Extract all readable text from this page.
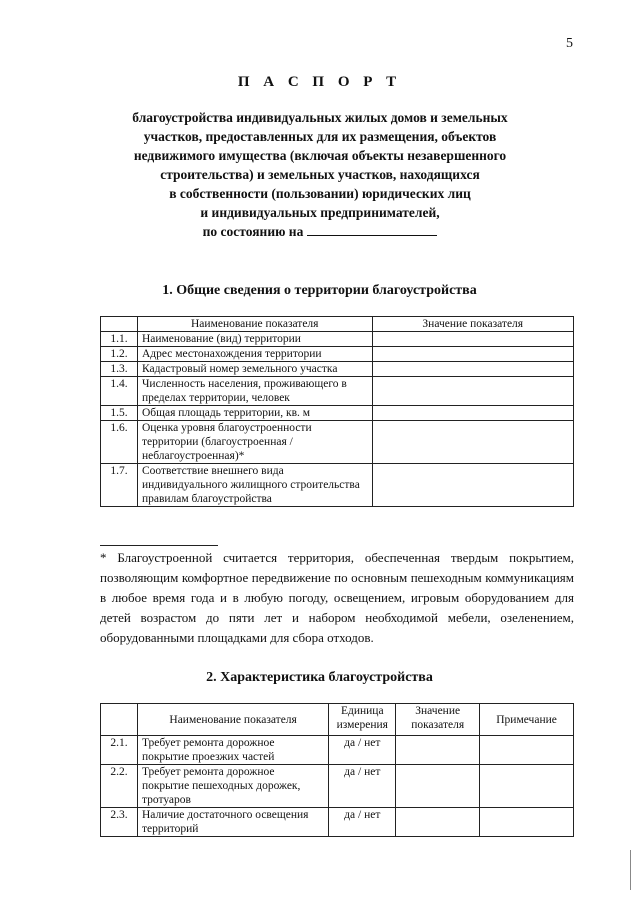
5
П А С П О Р Т
благоустройства индивидуальных жилых домов и земельных
участков, предоставленных для их размещения, объектов
недвижимого имущества (включая объекты незавершенного
строительства) и земельных участков, находящихся
в собственности (пользовании) юридических лиц
и индивидуальных предпринимателей,
по состоянию на
1. Общие сведения о территории благоустройства
	Наименование показателя	Значение показателя
1.1.	Наименование (вид) территории	
1.2.	Адрес местонахождения территории	
1.3.	Кадастровый номер земельного участка	
1.4.	Численность населения, проживающего в пределах территории, человек	
1.5.	Общая площадь территории, кв. м	
1.6.	Оценка уровня благоустроенности территории (благоустроенная / неблагоустроенная)*	
1.7.	Соответствие внешнего вида индивидуального жилищного строительства правилам благоустройства	
* Благоустроенной считается территория, обеспеченная твердым покрытием, позволяющим комфортное передвижение по основным пешеходным коммуникациям в любое время года и в любую погоду, освещением, игровым оборудованием для детей возрастом до пяти лет и набором необходимой мебели, озеленением, оборудованными площадками для сбора отходов.
2. Характеристика благоустройства
	Наименование показателя	Единица измерения	Значение показателя	Примечание
2.1.	Требует ремонта дорожное покрытие проезжих частей	да / нет		
2.2.	Требует ремонта дорожное покрытие пешеходных дорожек, тротуаров	да / нет		
2.3.	Наличие достаточного освещения территорий	да / нет		
